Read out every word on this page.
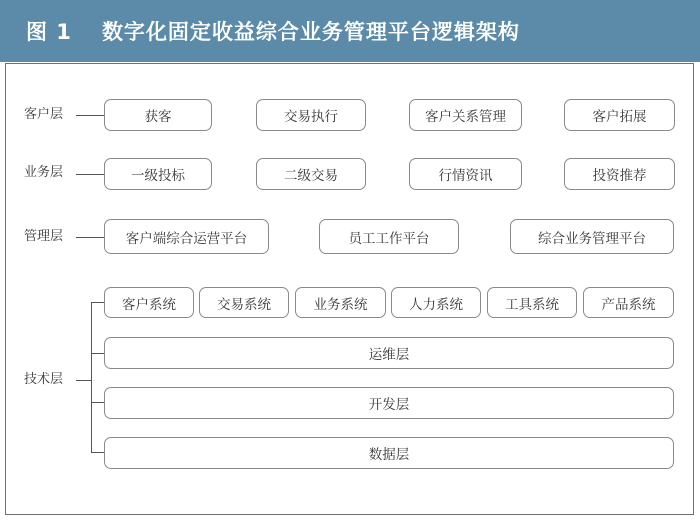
图 1 数字化固定收益综合业务管理平台逻辑架构
客户层	获客	交易执行	客户关系管理	客户拓展
业务层	一级投标	二级交易	行情资讯	投资推荐
管理层	客户端综合运营平台	员工工作平台	综合业务管理平台
技术层
客户系统	交易系统	业务系统	人力系统	工具系统	产品系统
运维层
开发层
数据层
